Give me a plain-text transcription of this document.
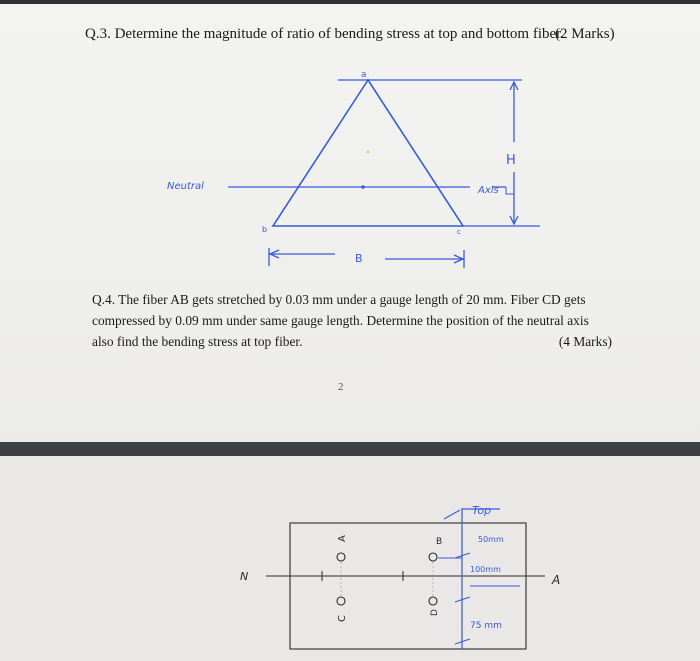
Q.3. Determine the magnitude of ratio of bending stress at top and bottom fiber.
(2 Marks)
a
H
Neutral	Axis
b
B
c
Q.4. The fiber AB gets stretched by 0.03 mm under a gauge length of 20 mm. Fiber CD gets
compressed by 0.09 mm under same gauge length. Determine the position of the neutral axis
also find the bending stress at top fiber.	(4 Marks)
2
A
C
B
D
Top
N	A
50mm
100mm
75 mm
